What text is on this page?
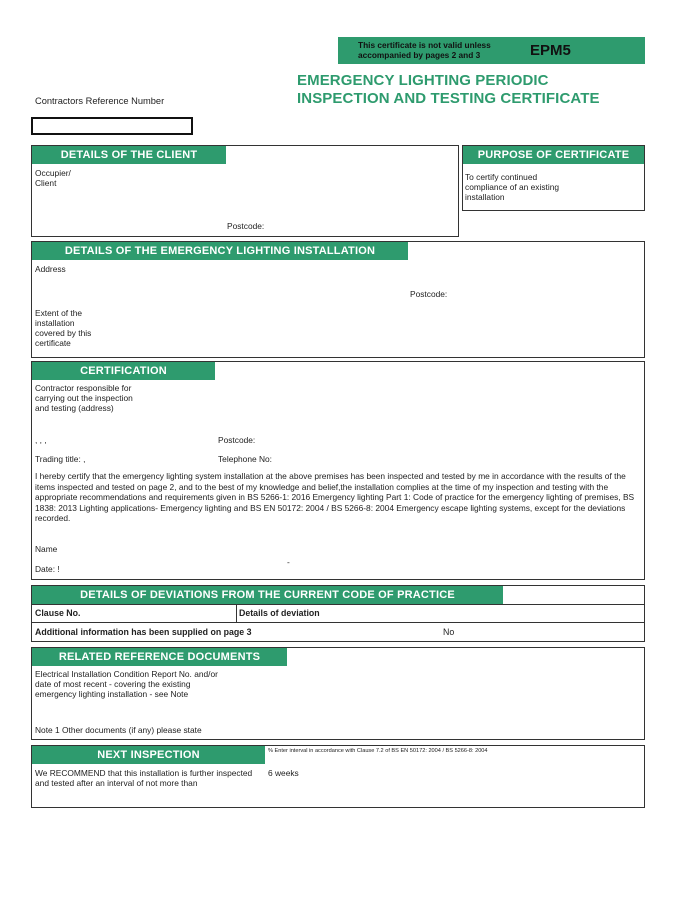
This certificate is not valid unless accompanied by pages 2 and 3	EPM5
EMERGENCY LIGHTING PERIODIC
INSPECTION AND TESTING CERTIFICATE
Contractors Reference Number
DETAILS OF THE CLIENT
Occupier/
Client
Postcode:
PURPOSE OF CERTIFICATE
To certify continued compliance of an existing installation
DETAILS OF THE EMERGENCY LIGHTING INSTALLATION
Address
Postcode:
Extent of the installation covered by this certificate
CERTIFICATION
Contractor responsible for carrying out the inspection and testing (address)
, , ,	Postcode:
Trading title: ,	Telephone No:
I hereby certify that the emergency lighting system installation at the above premises has been inspected and tested by me in accordance with the results of the items inspected and tested on page 2, and to the best of my knowledge and belief,the installation complies at the time of my inspection and testing with the appropriate recommendations and requirements given in BS 5266-1: 2016 Emergency lighting Part 1: Code of practice for the emergency lighting of premises, BS 1838: 2013 Lighting applications- Emergency lighting and BS EN 50172: 2004 / BS 5266-8: 2004 Emergency escape lighting systems, except for the deviations recorded.
Name
Date: !
-
DETAILS OF DEVIATIONS FROM THE CURRENT CODE OF PRACTICE
Clause No.	Details of deviation
Additional information has been supplied on page 3	No
RELATED REFERENCE DOCUMENTS
Electrical Installation Condition Report No. and/or date of most recent - covering the existing emergency lighting installation - see Note
Note 1 Other documents (if any) please state
NEXT INSPECTION	% Enter interval in accordance with Clause 7.2 of BS EN 50172: 2004 / BS 5266-8: 2004
We RECOMMEND that this installation is further inspected and tested after an interval of not more than
6 weeks
